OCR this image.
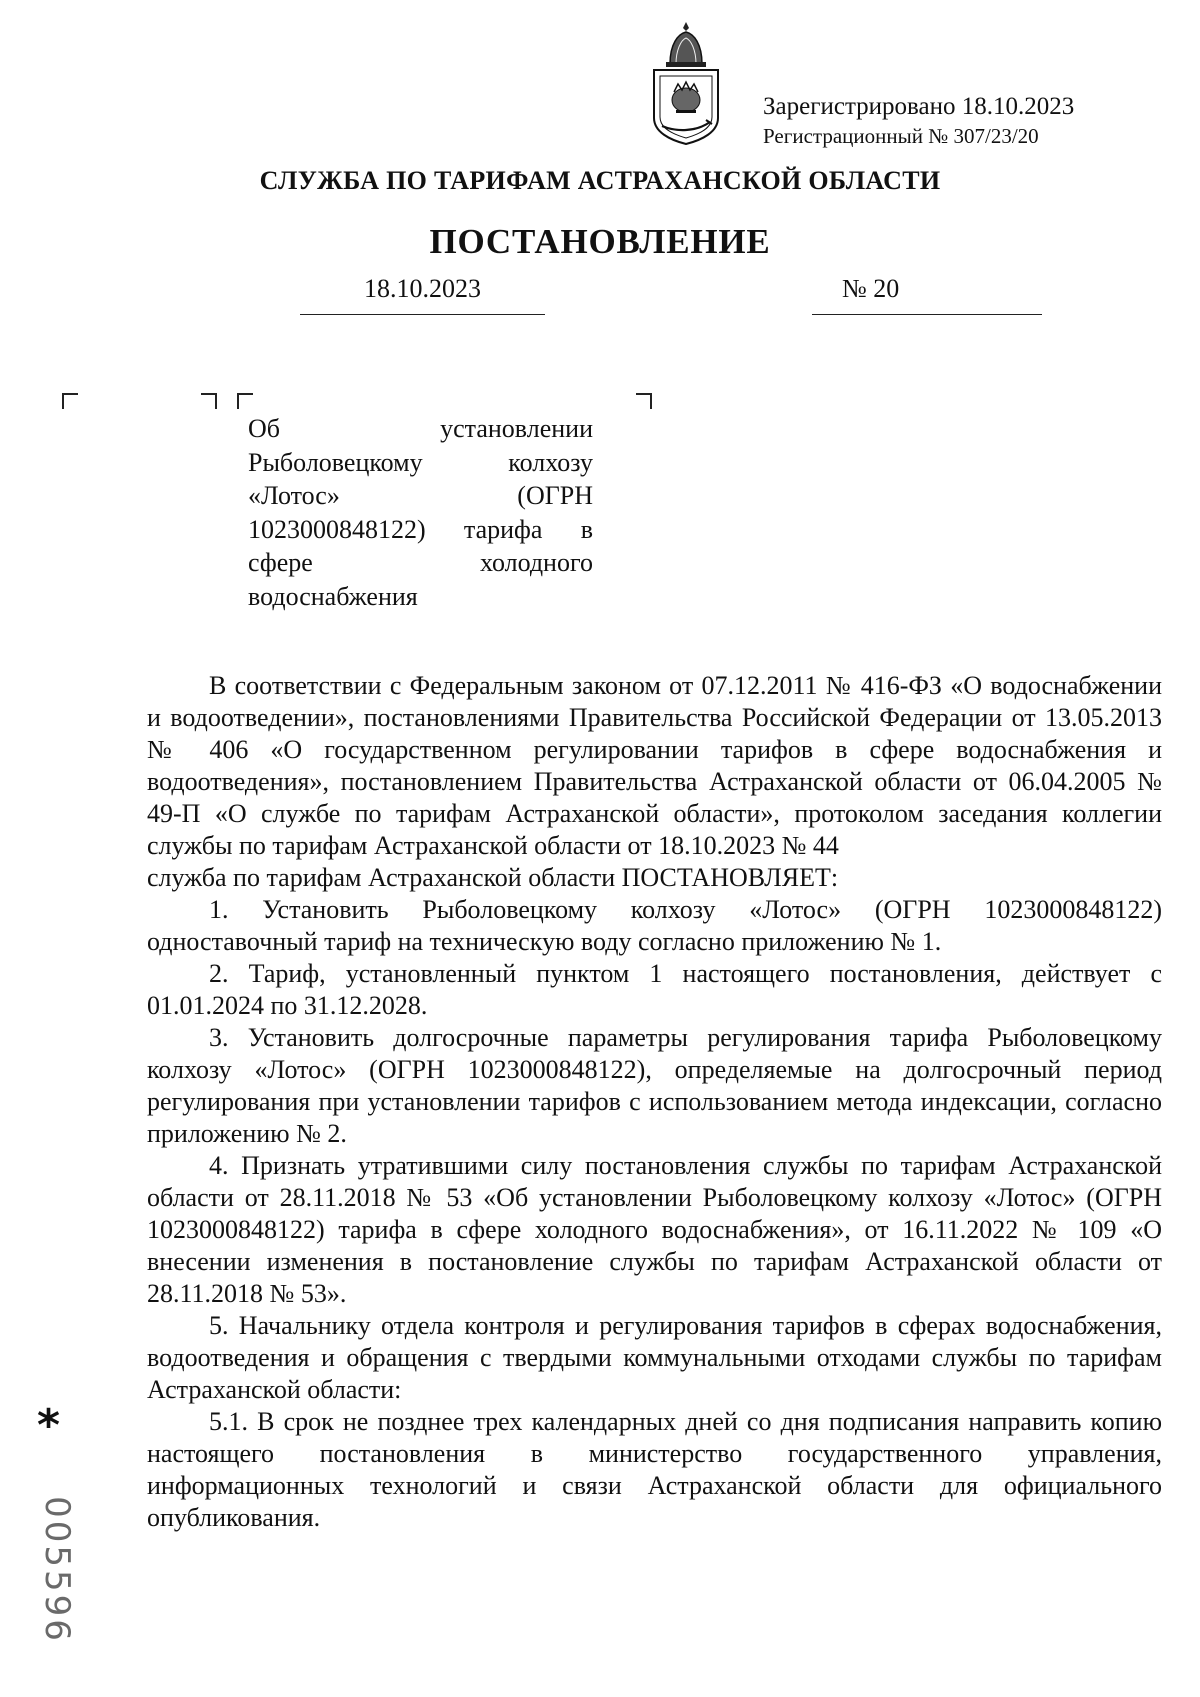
Зарегистрировано 18.10.2023
Регистрационный № 307/23/20
СЛУЖБА ПО ТАРИФАМ АСТРАХАНСКОЙ ОБЛАСТИ
ПОСТАНОВЛЕНИЕ
18.10.2023	№ 20
Об установлении
Рыболовецкому колхозу
«Лотос» (ОГРН
1023000848122) тарифа в
сфере холодного
водоснабжения

В соответствии с Федеральным законом от 07.12.2011 № 416-ФЗ «О водоснабжении и водоотведении», постановлениями Правительства Российской Федерации от 13.05.2013 № 406 «О государственном регулировании тарифов в сфере водоснабжения и водоотведения», постановлением Правительства Астраханской области от 06.04.2005 № 49-П «О службе по тарифам Астраханской области», протоколом заседания коллегии службы по тарифам Астраханской области от 18.10.2023 № 44

служба по тарифам Астраханской области ПОСТАНОВЛЯЕТ:

1. Установить Рыболовецкому колхозу «Лотос» (ОГРН 1023000848122) одноставочный тариф на техническую воду согласно приложению № 1.

2. Тариф, установленный пунктом 1 настоящего постановления, действует с 01.01.2024 по 31.12.2028.

3. Установить долгосрочные параметры регулирования тарифа Рыболовецкому колхозу «Лотос» (ОГРН 1023000848122), определяемые на долгосрочный период регулирования при установлении тарифов с использованием метода индексации, согласно приложению № 2.

4. Признать утратившими силу постановления службы по тарифам Астраханской области от 28.11.2018 № 53 «Об установлении Рыболовецкому колхозу «Лотос» (ОГРН 1023000848122) тарифа в сфере холодного водоснабжения», от 16.11.2022 № 109 «О внесении изменения в постановление службы по тарифам Астраханской области от 28.11.2018 № 53».

5. Начальнику отдела контроля и регулирования тарифов в сферах водоснабжения, водоотведения и обращения с твердыми коммунальными отходами службы по тарифам Астраханской области:

5.1. В срок не позднее трех календарных дней со дня подписания направить копию настоящего постановления в министерство государственного управления, информационных технологий и связи Астраханской области для официального опубликования.

*
005596
